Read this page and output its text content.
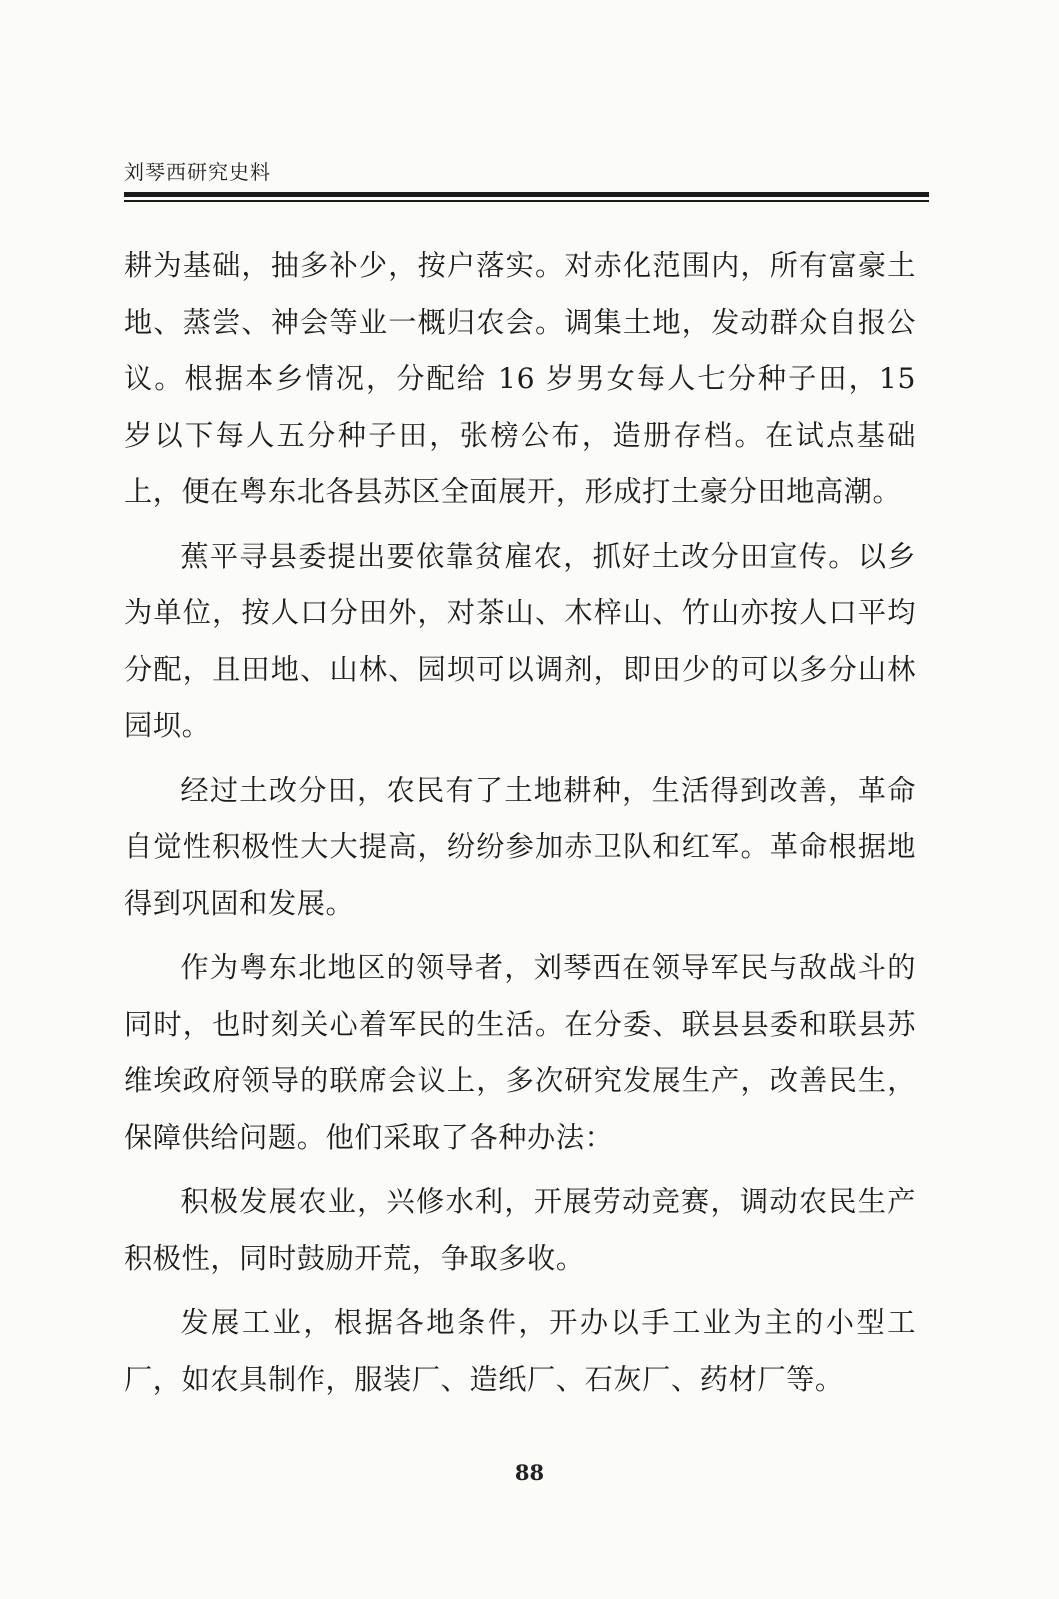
刘琴西研究史料

耕为基础，抽多补少，按户落实。对赤化范围内，所有富豪土地、蒸尝、神会等业一概归农会。调集土地，发动群众自报公议。根据本乡情况，分配给 16 岁男女每人七分种子田，15 岁以下每人五分种子田，张榜公布，造册存档。在试点基础上，便在粤东北各县苏区全面展开，形成打土豪分田地高潮。

蕉平寻县委提出要依靠贫雇农，抓好土改分田宣传。以乡为单位，按人口分田外，对茶山、木梓山、竹山亦按人口平均分配，且田地、山林、园坝可以调剂，即田少的可以多分山林园坝。

经过土改分田，农民有了土地耕种，生活得到改善，革命自觉性积极性大大提高，纷纷参加赤卫队和红军。革命根据地得到巩固和发展。

作为粤东北地区的领导者，刘琴西在领导军民与敌战斗的同时，也时刻关心着军民的生活。在分委、联县县委和联县苏维埃政府领导的联席会议上，多次研究发展生产，改善民生，保障供给问题。他们采取了各种办法：

积极发展农业，兴修水利，开展劳动竞赛，调动农民生产积极性，同时鼓励开荒，争取多收。

发展工业，根据各地条件，开办以手工业为主的小型工厂，如农具制作，服装厂、造纸厂、石灰厂、药材厂等。

88
